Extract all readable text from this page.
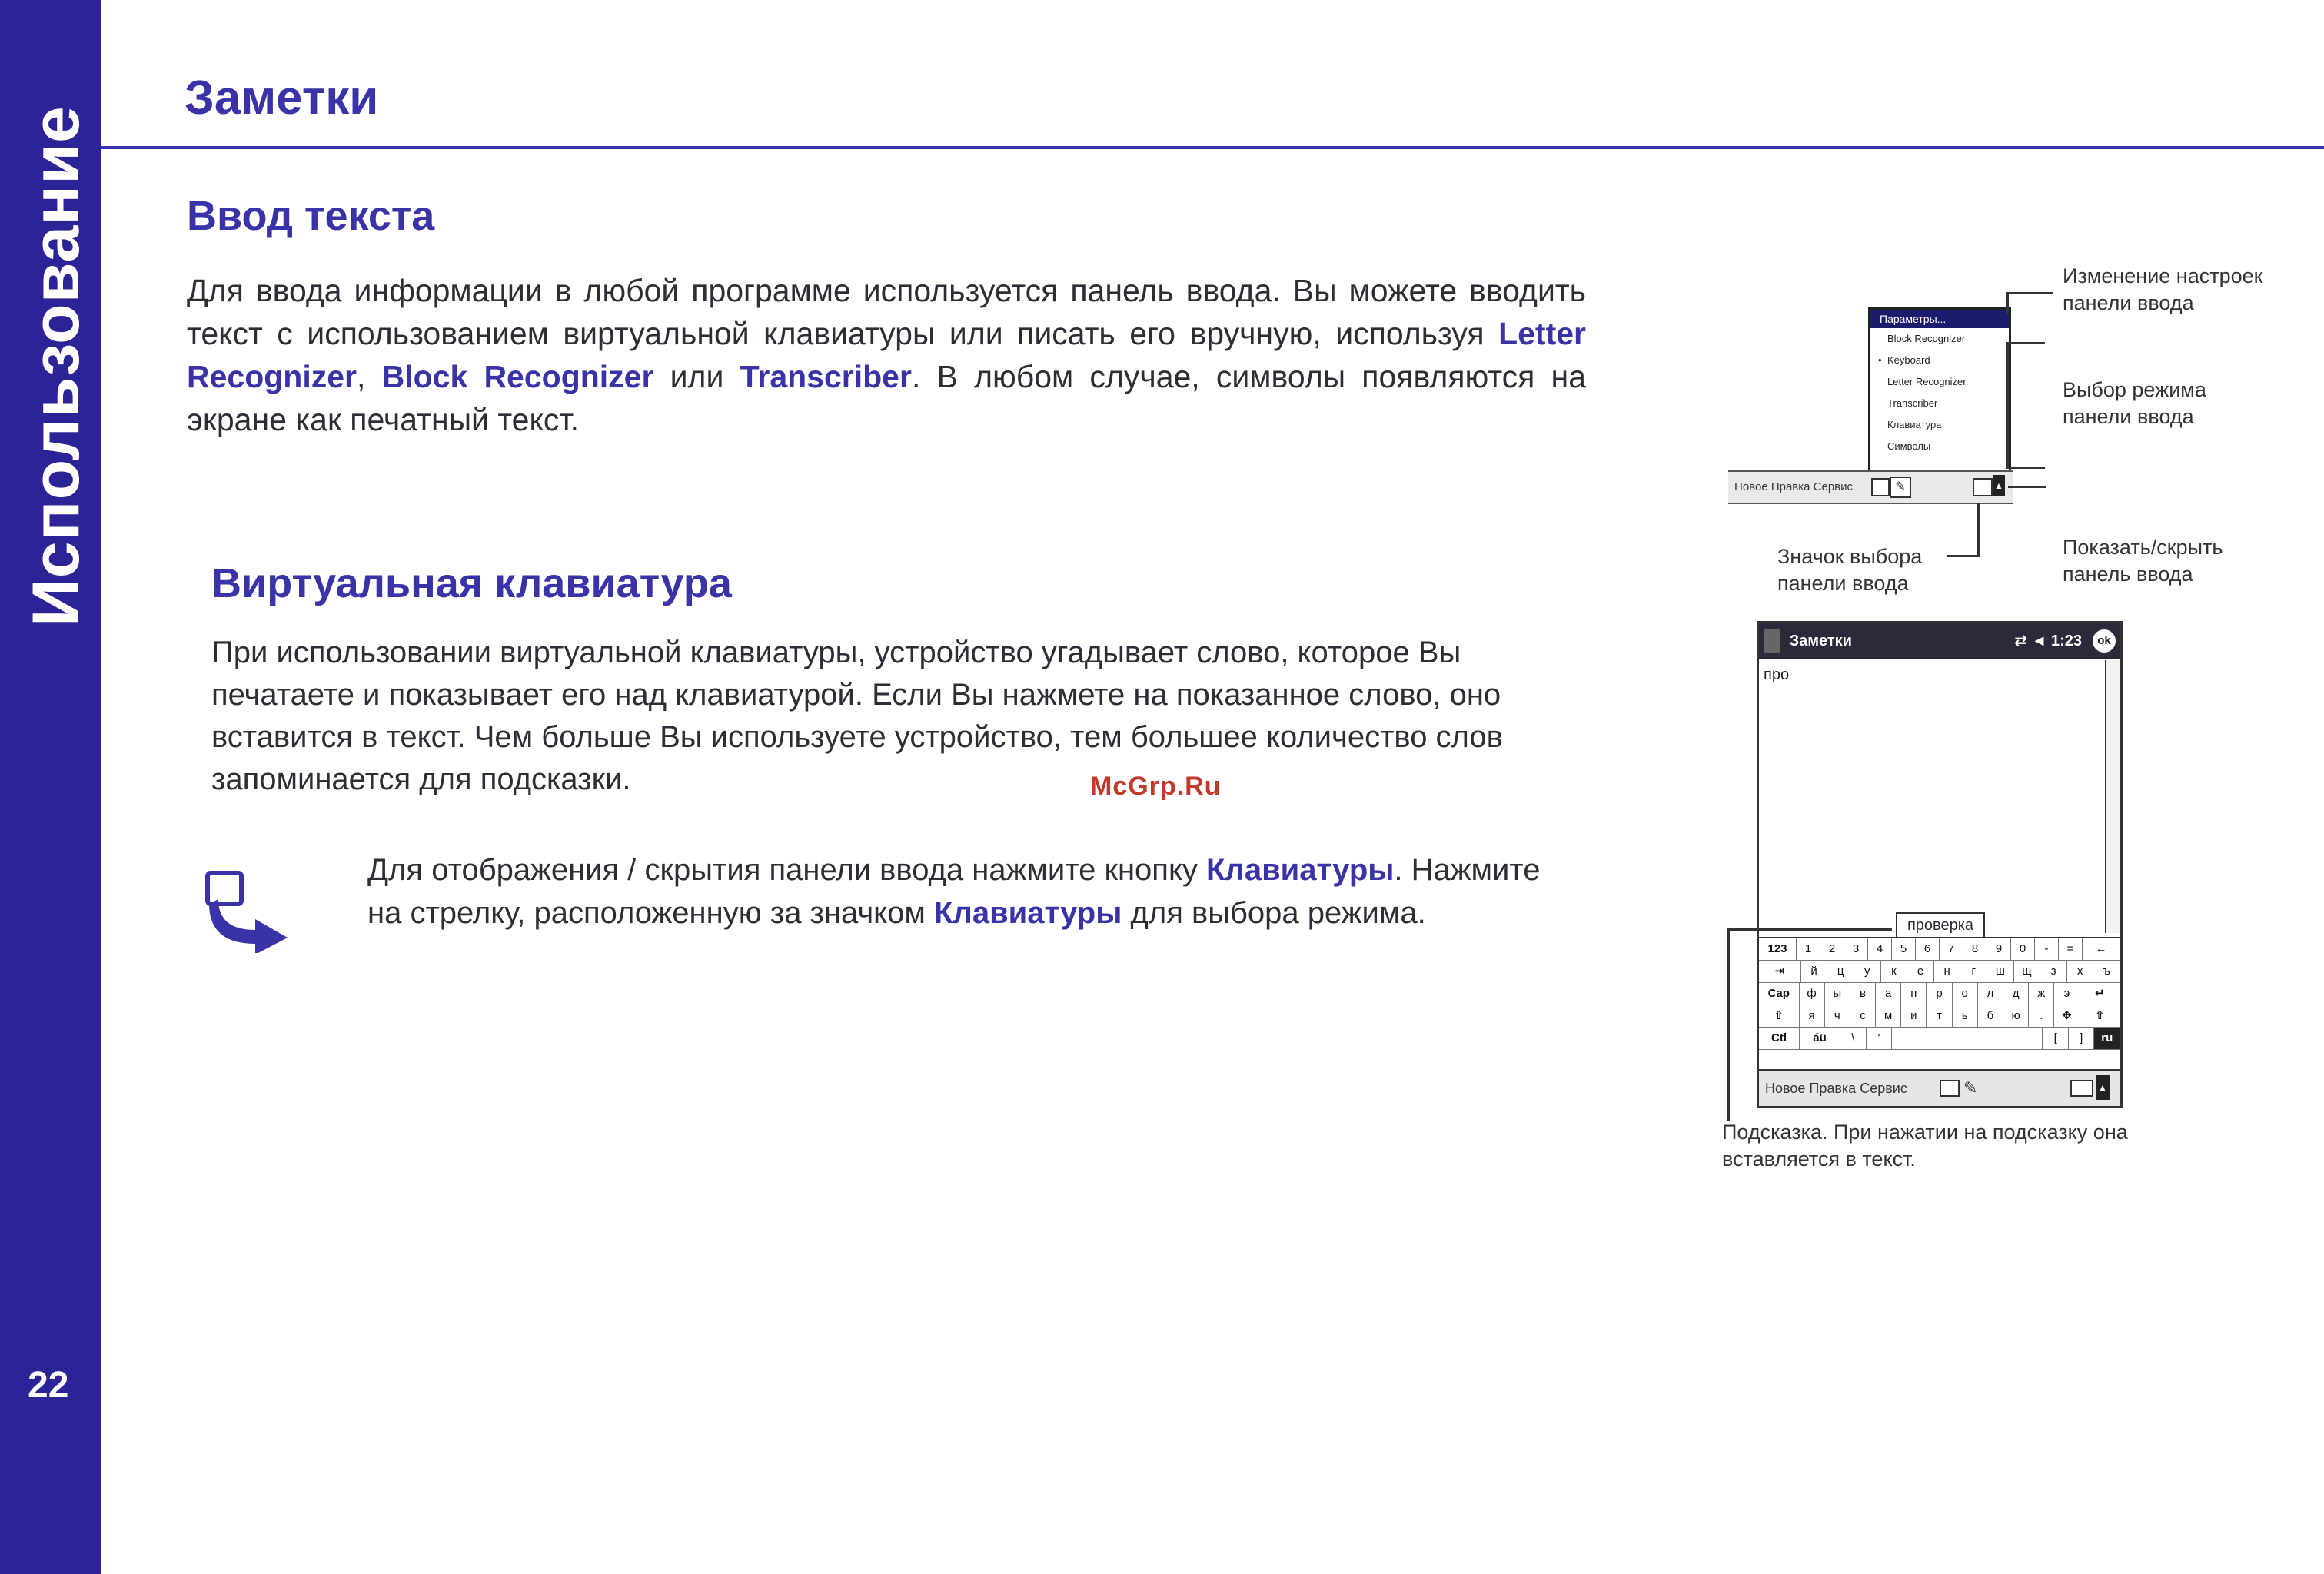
Использование
22
Заметки
Ввод текста

Для ввода информации в любой программе используется панель ввода. Вы можете вводить текст с использованием виртуальной клавиатуры или писать его вручную, используя Letter Recognizer, Block Recognizer или Transcriber. В любом случае, символы появляются на экране как печатный текст.

Виртуальная клавиатура

При использовании виртуальной клавиатуры, устройство угадывает слово, которое Вы печатаете и показывает его над клавиатурой. Если Вы нажмете на показанное слово, оно вставится в текст. Чем больше Вы используете устройство, тем большее количество слов запоминается для подсказки.	McGrp.Ru

Для отображения / скрытия панели ввода нажмите кнопку Клавиатуры. Нажмите на стрелку, расположенную за значком Клавиатуры для выбора режима.

Параметры...
Block Recognizer
• Keyboard
Letter Recognizer
Transcriber
Клавиатура
Символы
Новое Правка Сервис	✎	▲
Изменение настроек панели ввода
Выбор режима панели ввода
Показать/скрыть панель ввода
Значок выбора панели ввода
Заметки	⇄ ◄ 1:23	ok
про
проверка
123	1	2	3	4	5	6	7	8	9	0	-	=	←
⇥	й	ц	у	к	е	н	г	ш	щ	з	х	ъ
Cap	ф	ы	в	а	п	р	о	л	д	ж	э	↵
⇧	я	ч	с	м	и	т	ь	б	ю	.	✥	⇧
Ctl	áü	\	'	[	]	ru
Новое Правка Сервис	✎	▲
Подсказка. При нажатии на подсказку она вставляется в текст.
